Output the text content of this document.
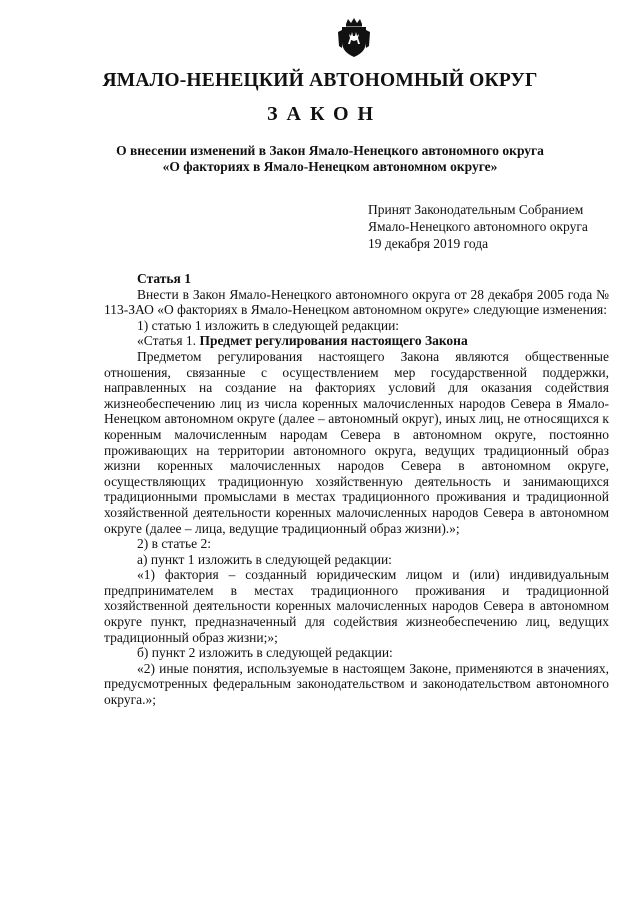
ЯМАЛО-НЕНЕЦКИЙ АВТОНОМНЫЙ ОКРУГ
ЗАКОН
О внесении изменений в Закон Ямало-Ненецкого автономного округа
«О факториях в Ямало-Ненецком автономном округе»
Принят Законодательным Собранием
Ямало-Ненецкого автономного округа
19 декабря 2019 года

Статья 1

Внести в Закон Ямало-Ненецкого автономного округа от 28 декабря 2005 года № 113-ЗАО «О факториях в Ямало-Ненецком автономном округе» следующие изменения:

1) статью 1 изложить в следующей редакции:

«Статья 1. Предмет регулирования настоящего Закона

Предметом регулирования настоящего Закона являются общественные отношения, связанные с осуществлением мер государственной поддержки, направленных на создание на факториях условий для оказания содействия жизнеобеспечению лиц из числа коренных малочисленных народов Севера в Ямало-Ненецком автономном округе (далее – автономный округ), иных лиц, не относящихся к коренным малочисленным народам Севера в автономном округе, постоянно проживающих на территории автономного округа, ведущих традиционный образ жизни коренных малочисленных народов Севера в автономном округе, осуществляющих традиционную хозяйственную деятельность и занимающихся традиционными промыслами в местах традиционного проживания и традиционной хозяйственной деятельности коренных малочисленных народов Севера в автономном округе (далее – лица, ведущие традиционный образ жизни).»;

2) в статье 2:

а) пункт 1 изложить в следующей редакции:

«1) фактория – созданный юридическим лицом и (или) индивидуальным предпринимателем в местах традиционного проживания и традиционной хозяйственной деятельности коренных малочисленных народов Севера в автономном округе пункт, предназначенный для содействия жизнеобеспечению лиц, ведущих традиционный образ жизни;»;

б) пункт 2 изложить в следующей редакции:

«2) иные понятия, используемые в настоящем Законе, применяются в значениях, предусмотренных федеральным законодательством и законодательством автономного округа.»;
